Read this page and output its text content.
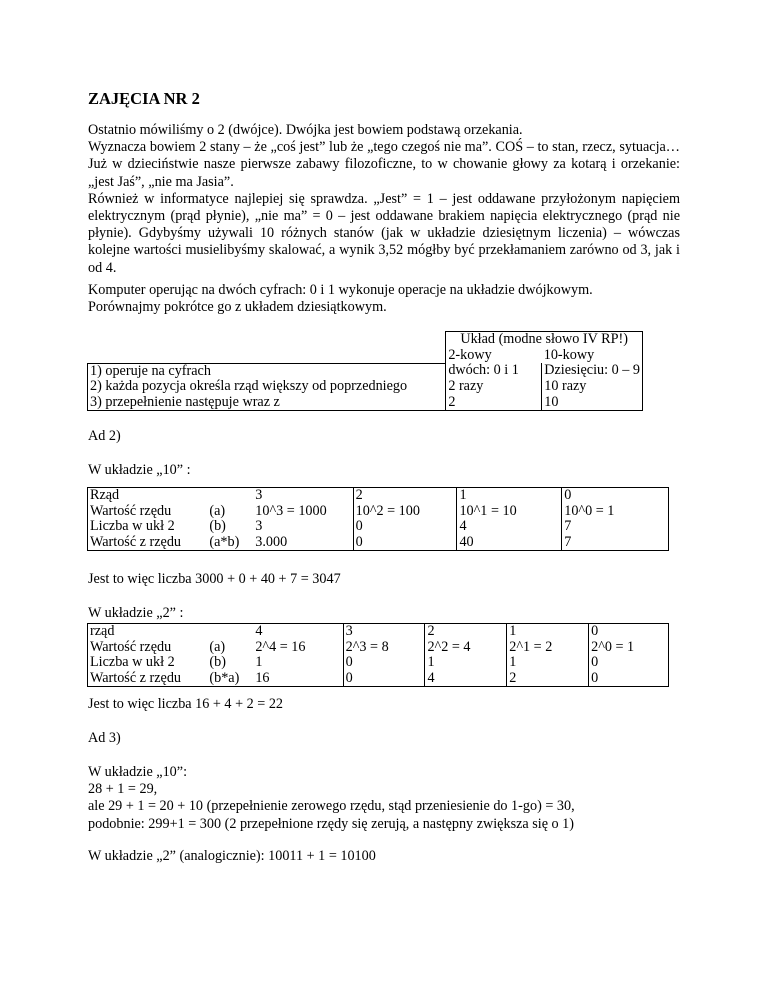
ZAJĘCIA NR 2

Ostatnio mówiliśmy o 2 (dwójce). Dwójka jest bowiem podstawą orzekania.

Wyznacza bowiem 2 stany – że „coś jest” lub że „tego czegoś nie ma”. COŚ – to stan, rzecz, sytuacja… Już w dzieciństwie nasze pierwsze zabawy filozoficzne, to w chowanie głowy za kotarą i orzekanie: „jest Jaś”, „nie ma Jasia”.

Również w informatyce najlepiej się sprawdza. „Jest” = 1 – jest oddawane przyłożonym napięciem elektrycznym (prąd płynie), „nie ma” = 0 – jest oddawane brakiem napięcia elektrycznego (prąd nie płynie). Gdybyśmy używali 10 różnych stanów (jak w układzie dziesiętnym liczenia) – wówczas kolejne wartości musielibyśmy skalować, a wynik 3,52 mógłby być przekłamaniem zarówno od 3, jak i od 4.

Komputer operując na dwóch cyfrach: 0 i 1 wykonuje operacje na układzie dwójkowym.

Porównajmy pokrótce go z układem dziesiątkowym.

	Układ (modne słowo IV RP!)	
	2-kowy	10-kowy
1) operuje na cyfrach	dwóch: 0 i 1	Dziesięciu: 0 – 9
2) każda pozycja określa rząd większy od poprzedniego	2 razy	10 razy
3) przepełnienie następuje wraz z	2	10

Ad 2)

W układzie „10” :

Rząd		3	2	1	0
Wartość rzędu	(a)	10^3 = 1000	10^2 = 100	10^1 = 10	10^0 = 1
Liczba w ukł 2	(b)	3	0	4	7
Wartość z rzędu	(a*b)	3.000	0	40	7

Jest to więc liczba 3000 + 0 + 40 + 7 = 3047

W układzie „2” :

rząd		4	3	2	1	0
Wartość rzędu	(a)	2^4 = 16	2^3 = 8	2^2 = 4	2^1 = 2	2^0 = 1
Liczba w ukł 2	(b)	1	0	1	1	0
Wartość z rzędu	(b*a)	16	0	4	2	0

Jest to więc liczba 16 + 4 + 2 = 22

Ad 3)

W układzie „10”:

28 + 1 = 29,

ale 29 + 1 = 20 + 10 (przepełnienie zerowego rzędu, stąd przeniesienie do 1-go) = 30,

podobnie: 299+1 = 300 (2 przepełnione rzędy się zerują, a następny zwiększa się o 1)

W układzie „2” (analogicznie): 10011 + 1 = 10100
